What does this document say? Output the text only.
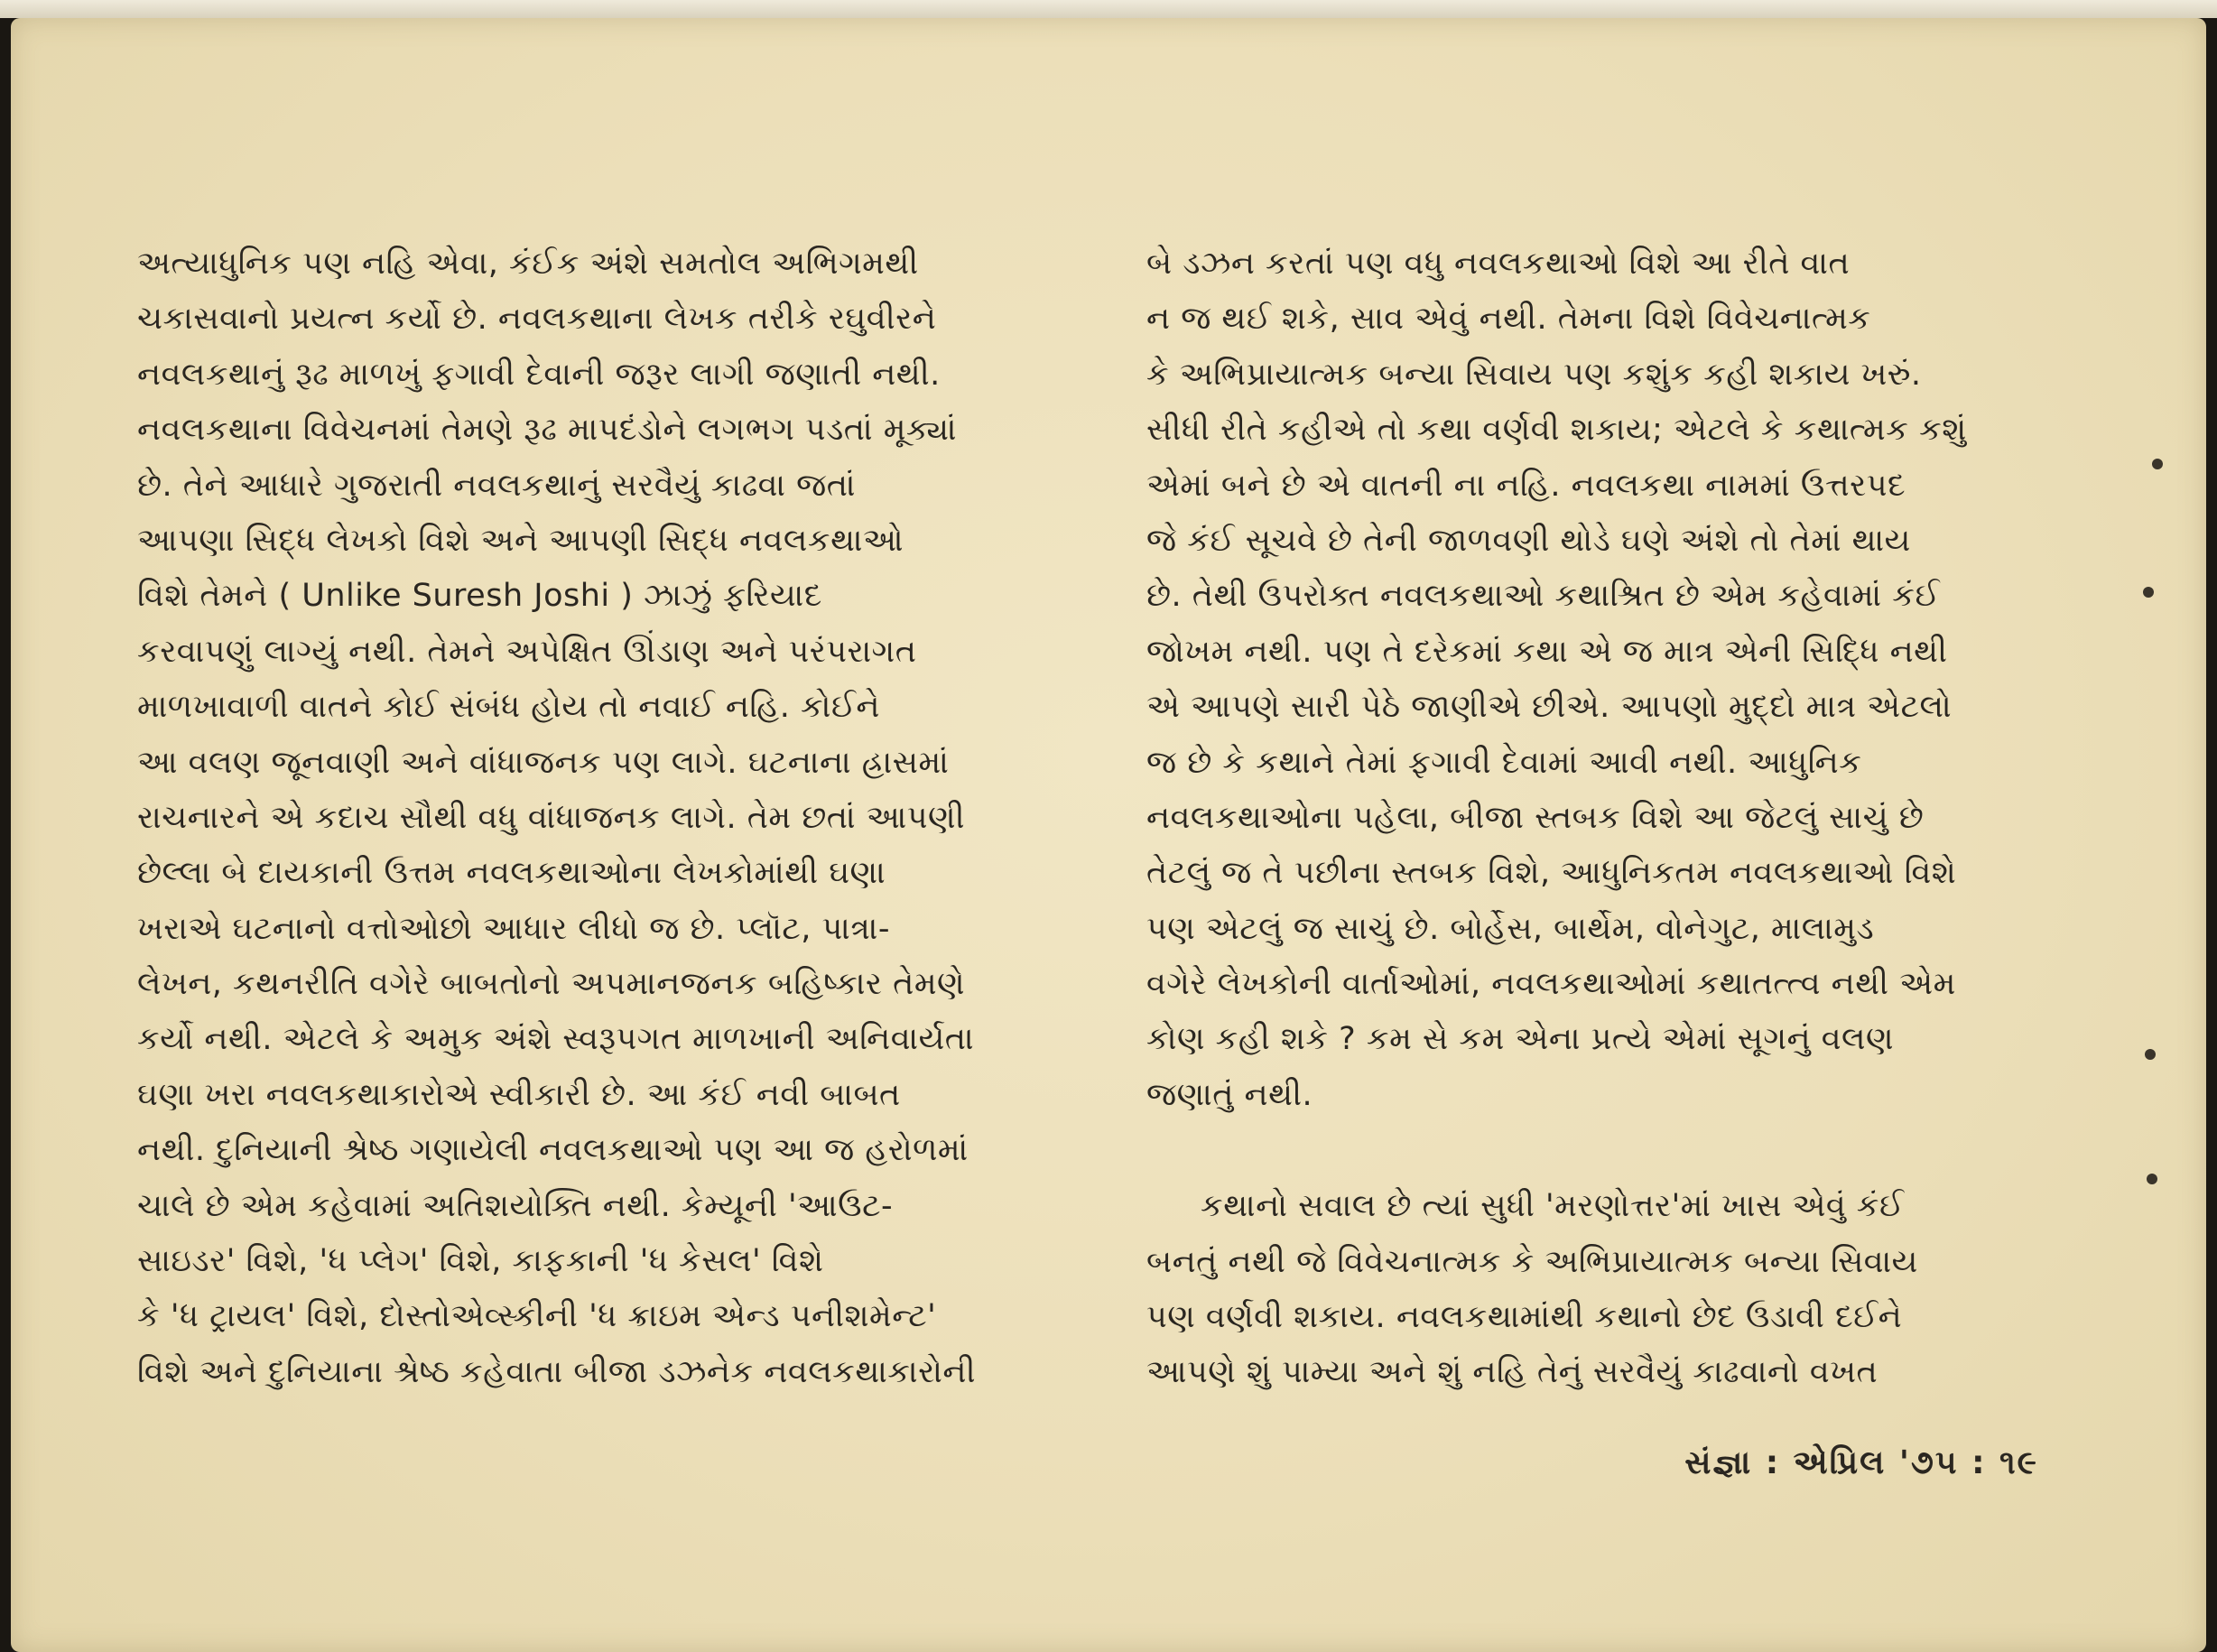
અત્યાધુનિક પણ નહિ એવા, કંઈક અંશે સમતોલ અભિગમથી
ચકાસવાનો પ્રયત્ન કર્યો છે. નવલકથાના લેખક તરીકે રઘુવીરને
નવલકથાનું રૂઢ માળખું ફગાવી દેવાની જરૂર લાગી જણાતી નથી.
નવલકથાના વિવેચનમાં તેમણે રૂઢ માપદંડોને લગભગ પડતાં મૂક્યાં
છે. તેને આધારે ગુજરાતી નવલકથાનું સરવૈયું કાઢવા જતાં
આપણા સિદ્ધ લેખકો વિશે અને આપણી સિદ્ધ નવલકથાઓ
વિશે તેમને ( Unlike Suresh Joshi ) ઝાઝું ફરિયાદ
કરવાપણું લાગ્યું નથી. તેમને અપેક્ષિત ઊંડાણ અને પરંપરાગત
માળખાવાળી વાતને કોઈ સંબંધ હોય તો નવાઈ નહિ. કોઈને
આ વલણ જૂનવાણી અને વાંધાજનક પણ લાગે. ઘટનાના હ્રાસમાં
રાચનારને એ કદાચ સૌથી વધુ વાંધાજનક લાગે. તેમ છતાં આપણી
છેલ્લા બે દાયકાની ઉત્તમ નવલકથાઓના લેખકોમાંથી ઘણા
ખરાએ ઘટનાનો વત્તોઓછો આધાર લીધો જ છે. પ્લૉટ, પાત્રા-
લેખન, કથનરીતિ વગેરે બાબતોનો અપમાનજનક બહિષ્કાર તેમણે
કર્યો નથી. એટલે કે અમુક અંશે સ્વરૂપગત માળખાની અનિવાર્યતા
ઘણા ખરા નવલકથાકારોએ સ્વીકારી છે. આ કંઈ નવી બાબત
નથી. દુનિયાની શ્રેષ્ઠ ગણાયેલી નવલકથાઓ પણ આ જ હરોળમાં
ચાલે છે એમ કહેવામાં અતિશયોક્તિ નથી. કેમ્યૂની 'આઉટ-
સાઇડર' વિશે, 'ધ પ્લેગ' વિશે, કાફકાની 'ધ કેસલ' વિશે
કે 'ધ ટ્રાયલ' વિશે, દોસ્તોએવ્સ્કીની 'ધ ક્રાઇમ એન્ડ પનીશમેન્ટ'
વિશે અને દુનિયાના શ્રેષ્ઠ કહેવાતા બીજા ડઝનેક નવલકથાકારોની
બે ડઝન કરતાં પણ વધુ નવલકથાઓ વિશે આ રીતે વાત
ન જ થઈ શકે, સાવ એવું નથી. તેમના વિશે વિવેચનાત્મક
કે અભિપ્રાયાત્મક બન્યા સિવાય પણ કશુંક કહી શકાય ખરું.
સીધી રીતે કહીએ તો કથા વર્ણવી શકાય; એટલે કે કથાત્મક કશું
એમાં બને છે એ વાતની ના નહિ. નવલકથા નામમાં ઉત્તરપદ
જે કંઈ સૂચવે છે તેની જાળવણી થોડે ઘણે અંશે તો તેમાં થાય
છે. તેથી ઉપરોક્ત નવલકથાઓ કથાશ્રિત છે એમ કહેવામાં કંઈ
જોખમ નથી. પણ તે દરેકમાં કથા એ જ માત્ર એની સિદ્ધિ નથી
એ આપણે સારી પેઠે જાણીએ છીએ. આપણો મુદ્દો માત્ર એટલો
જ છે કે કથાને તેમાં ફગાવી દેવામાં આવી નથી. આધુનિક
નવલકથાઓના પહેલા, બીજા સ્તબક વિશે આ જેટલું સાચું છે
તેટલું જ તે પછીના સ્તબક વિશે, આધુનિકતમ નવલકથાઓ વિશે
પણ એટલું જ સાચું છે. બોર્હેસ, બાર્થેમ, વોનેગુટ, માલામુડ
વગેરે લેખકોની વાર્તાઓમાં, નવલકથાઓમાં કથાતત્ત્વ નથી એમ
કોણ કહી શકે ? કમ સે કમ એના પ્રત્યે એમાં સૂગનું વલણ
જણાતું નથી.
કથાનો સવાલ છે ત્યાં સુધી 'મરણોત્તર'માં ખાસ એવું કંઈ
બનતું નથી જે વિવેચનાત્મક કે અભિપ્રાયાત્મક બન્યા સિવાય
પણ વર્ણવી શકાય. નવલકથામાંથી કથાનો છેદ ઉડાવી દઈને
આપણે શું પામ્યા અને શું નહિ તેનું સરવૈયું કાઢવાનો વખત
સંજ્ઞા : એપ્રિલ '૭૫ : ૧૯
